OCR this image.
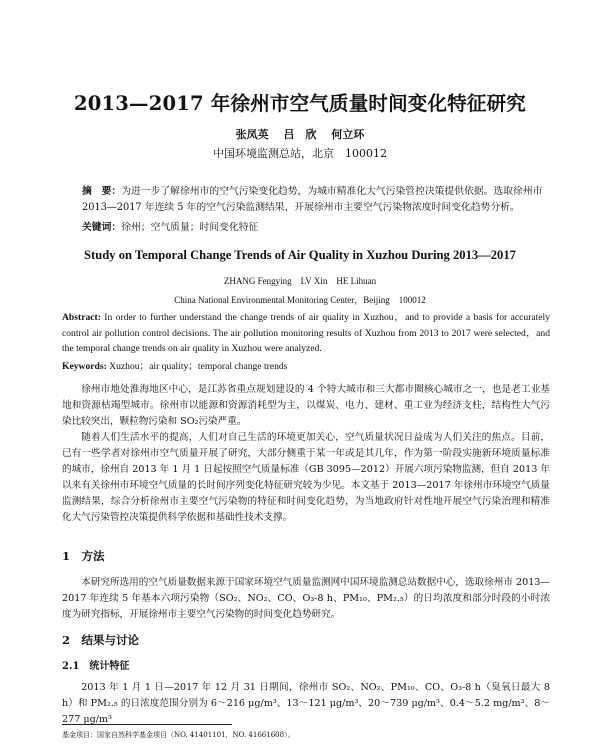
2013—2017 年徐州市空气质量时间变化特征研究
张凤英　 吕　欣　 何立环
中国环境监测总站，北京　100012
摘　要：为进一步了解徐州市的空气污染变化趋势，为城市精准化大气污染管控决策提供依据。选取徐州市 2013—2017 年连续 5 年的空气污染监测结果，开展徐州市主要空气污染物浓度时间变化趋势分析。
关键词：徐州；空气质量；时间变化特征
Study on Temporal Change Trends of Air Quality in Xuzhou During 2013—2017
ZHANG Fengying　LV Xin　HE Lihuan
China National Environmental Monitoring Center，Beijing　100012
Abstract: In order to further understand the change trends of air quality in Xuzhou，and to provide a basis for accurately control air pollution control decisions. The air pollution monitoring results of Xuzhou from 2013 to 2017 were selected，and the temporal change trends on air quality in Xuzhou were analyzed.
Keywords: Xuzhou；air quality；temporal change trends
徐州市地处淮海地区中心，是江苏省重点规划建设的 4 个特大城市和三大都市圈核心城市之一，也是老工业基地和资源枯竭型城市。徐州市以能源和资源消耗型为主，以煤炭、电力、建材、重工业为经济支柱，结构性大气污染比较突出，颗粒物污染和 SO₂污染严重。
随着人们生活水平的提高，人们对自己生活的环境更加关心，空气质量状况日益成为人们关注的焦点。目前，已有一些学者对徐州市空气质量开展了研究，大部分侧重于某一年或是其几年，作为第一阶段实施新环境质量标准的城市，徐州自 2013 年 1 月 1 日起按照空气质量标准（GB 3095—2012）开展六项污染物监测，但自 2013 年以来有关徐州市环境空气质量的长时间序列变化特征研究较为少见。本文基于 2013—2017 年徐州市环境空气质量监测结果，综合分析徐州市主要空气污染物的特征和时间变化趋势，为当地政府针对性地开展空气污染治理和精准化大气污染管控决策提供科学依据和基础性技术支撑。
1　方法
本研究所选用的空气质量数据来源于国家环境空气质量监测网中国环境监测总站数据中心，选取徐州市 2013—2017 年连续 5 年基本六项污染物（SO₂、NO₂、CO、O₃-8 h、PM₁₀、PM₂.₅）的日均浓度和部分时段的小时浓度为研究指标，开展徐州市主要空气污染物的时间变化趋势研究。
2　结果与讨论
2.1　统计特征
2013 年 1 月 1 日—2017 年 12 月 31 日期间，徐州市 SO₂、NO₂、PM₁₀、CO、O₃-8 h（臭氧日最大 8 h）和 PM₂.₅ 的日浓度范围分别为 6～216 μg/m³、13～121 μg/m³、20～739 μg/m³、0.4～5.2 mg/m³、8～277 μg/m³
基金项目：国家自然科学基金项目（NO. 41401101，NO. 41661608）。
